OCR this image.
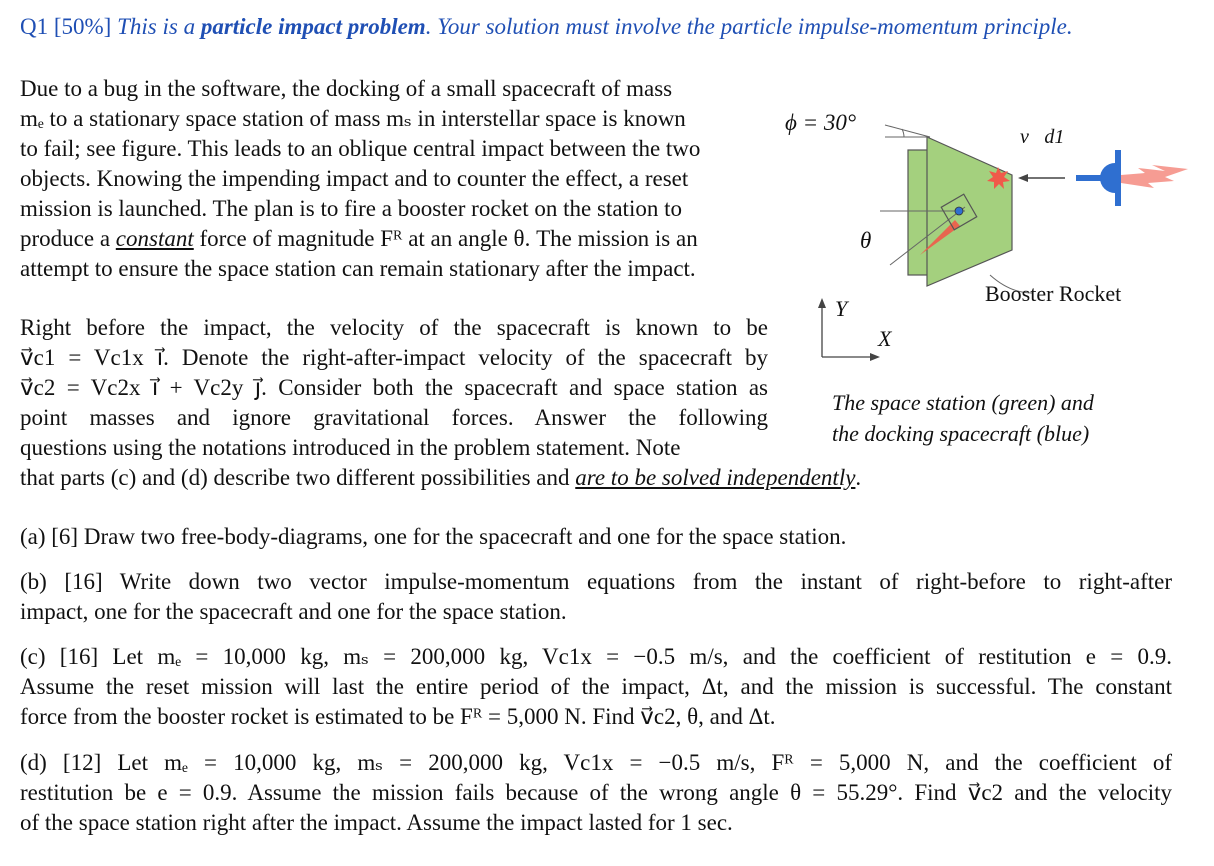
Q1 [50%] This is a particle impact problem. Your solution must involve the particle impulse-momentum principle.
Due to a bug in the software, the docking of a small spacecraft of mass
mₑ to a stationary space station of mass mₛ in interstellar space is known
to fail; see figure. This leads to an oblique central impact between the two
objects. Knowing the impending impact and to counter the effect, a reset
mission is launched. The plan is to fire a booster rocket on the station to
produce a constant force of magnitude Fᴿ at an angle θ. The mission is an
attempt to ensure the space station can remain stationary after the impact.
Right before the impact, the velocity of the spacecraft is known to be
v⃗c1 = Vc1x ı⃗. Denote the right-after-impact velocity of the spacecraft by
v⃗c2 = Vc2x ı⃗ + Vc2y ȷ⃗. Consider both the spacecraft and space station as
point masses and ignore gravitational forces. Answer the following
questions using the notations introduced in the problem statement. Note
that parts (c) and (d) describe two different possibilities and are to be solved independently.
ϕ = 30°
θ
v⃗d1
Booster Rocket
Y
X
The space station (green) and
the docking spacecraft (blue)
(a) [6] Draw two free-body-diagrams, one for the spacecraft and one for the space station.
(b) [16] Write down two vector impulse-momentum equations from the instant of right-before to right-after
impact, one for the spacecraft and one for the space station.
(c) [16] Let mₑ = 10,000 kg, mₛ = 200,000 kg, Vc1x = −0.5 m/s, and the coefficient of restitution e = 0.9.
Assume the reset mission will last the entire period of the impact, Δt, and the mission is successful. The constant
force from the booster rocket is estimated to be Fᴿ = 5,000 N. Find v⃗c2, θ, and Δt.
(d) [12] Let mₑ = 10,000 kg, mₛ = 200,000 kg, Vc1x = −0.5 m/s, Fᴿ = 5,000 N, and the coefficient of
restitution be e = 0.9. Assume the mission fails because of the wrong angle θ = 55.29°. Find v⃗c2 and the velocity
of the space station right after the impact. Assume the impact lasted for 1 sec.
